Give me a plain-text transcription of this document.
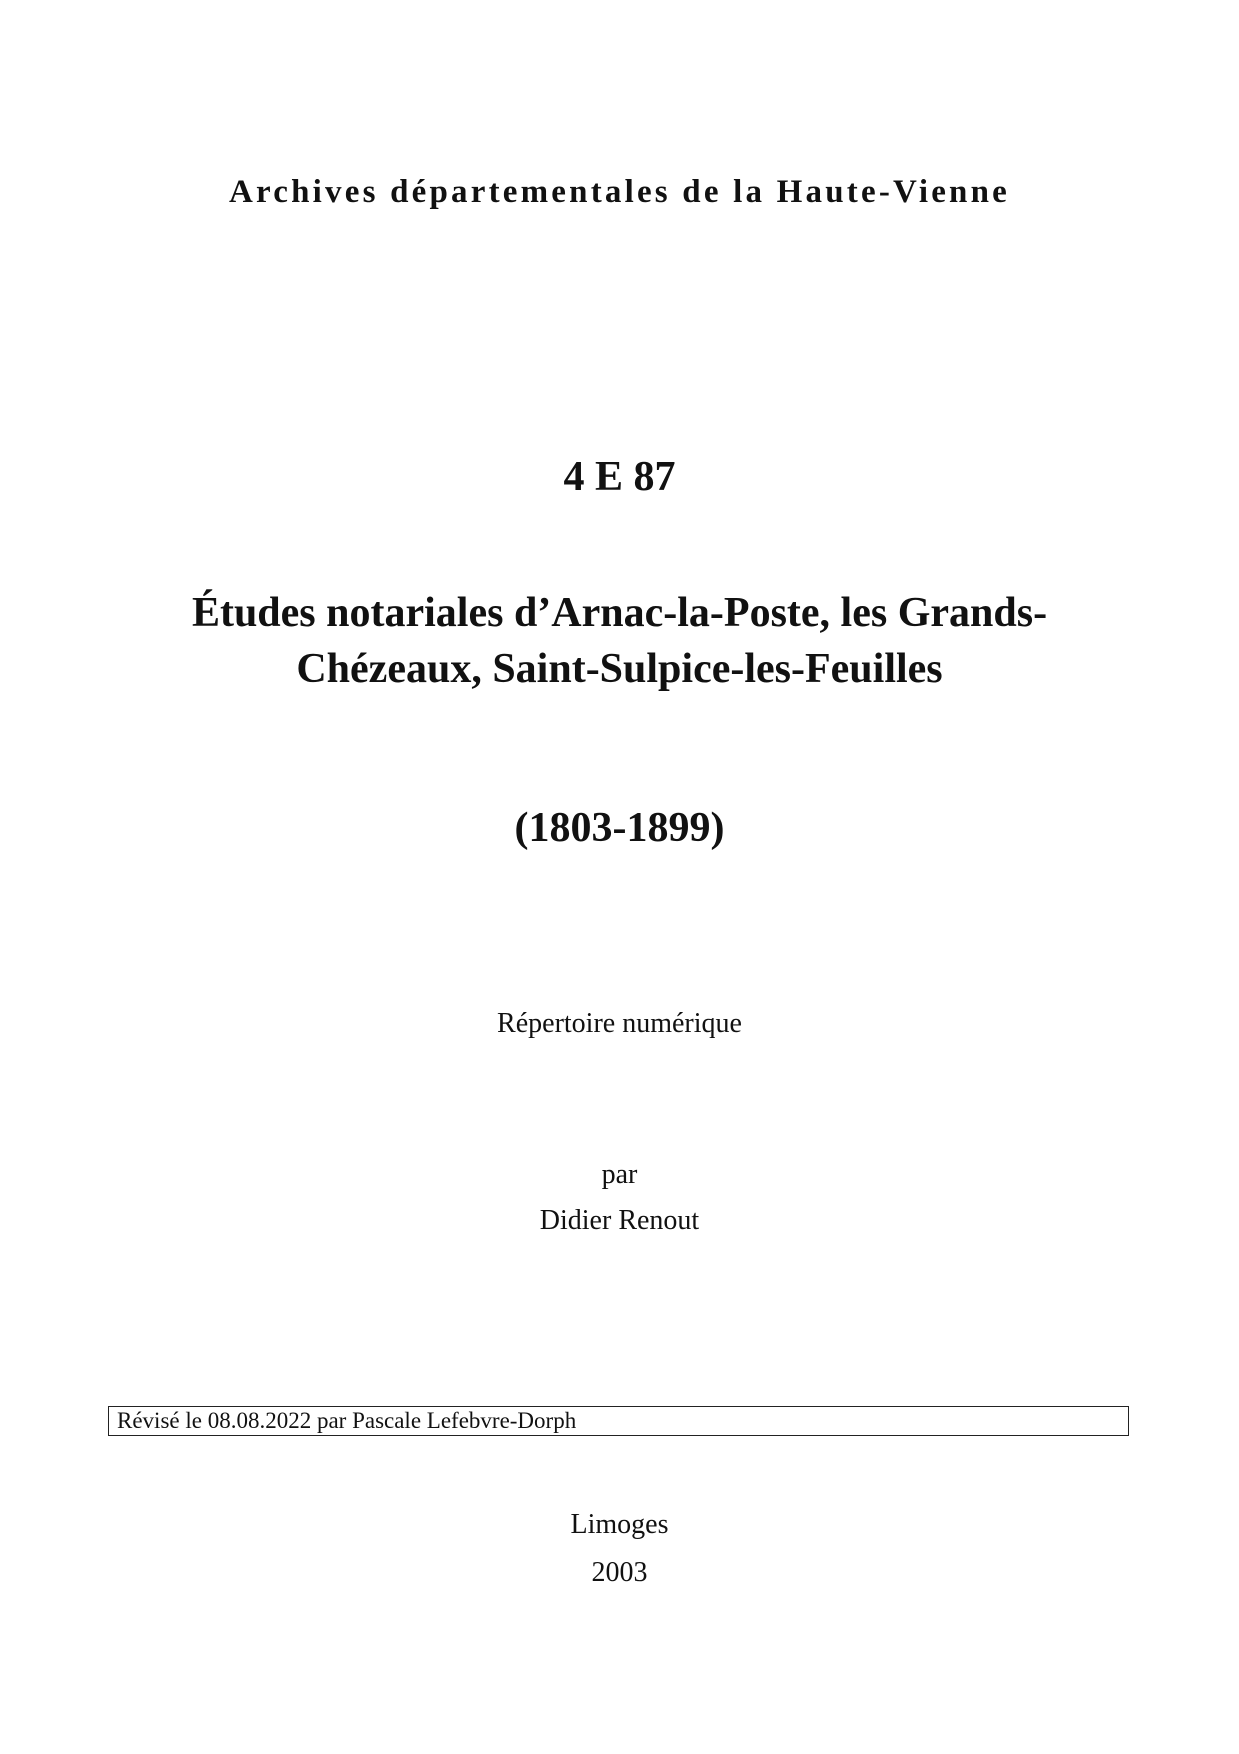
Archives départementales de la Haute-Vienne
4 E 87
Études notariales d’Arnac-la-Poste, les Grands-
Chézeaux, Saint-Sulpice-les-Feuilles
(1803-1899)
Répertoire numérique
par
Didier Renout
Révisé le 08.08.2022 par Pascale Lefebvre-Dorph
Limoges
2003
